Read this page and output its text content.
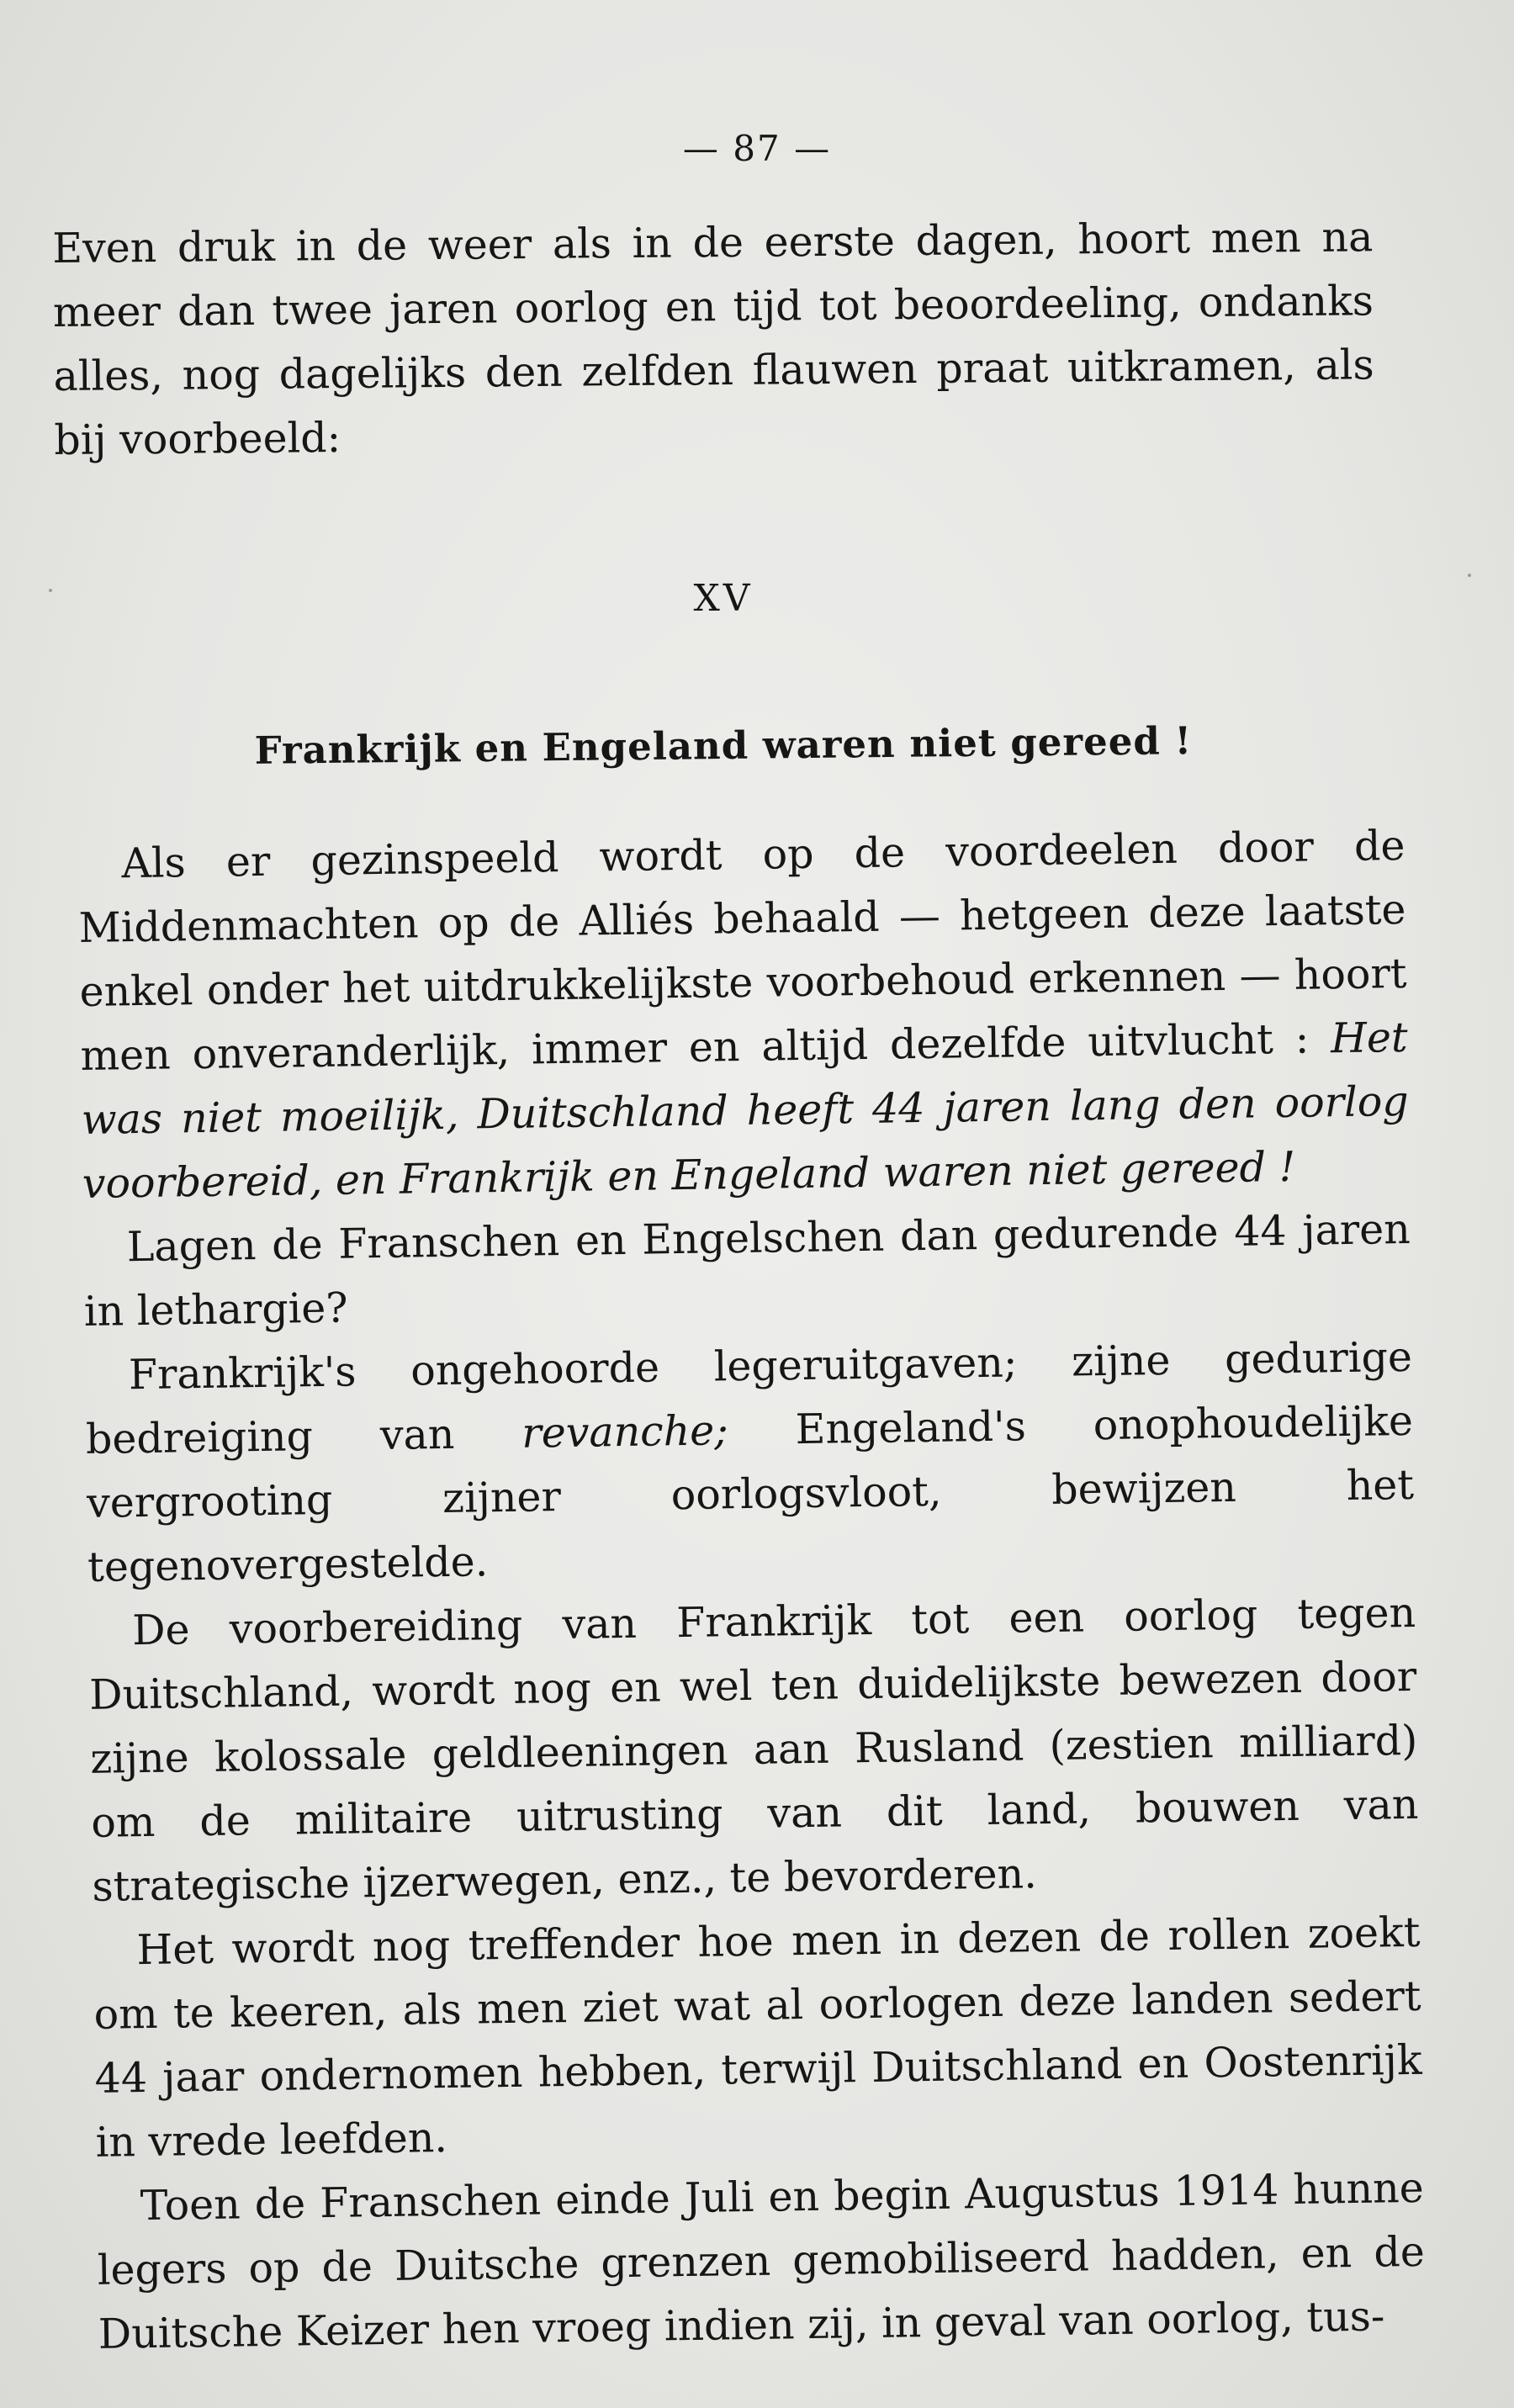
— 87 —
Even druk in de weer als in de eerste dagen, hoort men na meer dan twee jaren oorlog en tijd tot beoordeeling, ondanks alles, nog dagelijks den zelfden flauwen praat uitkramen, als bij voorbeeld:
XV
Frankrijk en Engeland waren niet gereed !

Als er gezinspeeld wordt op de voordeelen door de Middenmachten op de Alliés behaald — hetgeen deze laatste enkel onder het uitdrukkelijkste voorbehoud erkennen — hoort men onveranderlijk, immer en altijd dezelfde uitvlucht : Het was niet moeilijk, Duitschland heeft 44 jaren lang den oorlog voorbereid, en Frankrijk en Engeland waren niet gereed !

Lagen de Franschen en Engelschen dan gedurende 44 jaren in lethargie?

Frankrijk's ongehoorde legeruitgaven; zijne gedurige bedreiging van revanche; Engeland's onophoudelijke vergrooting zijner oorlogsvloot, bewijzen het tegenovergestelde.

De voorbereiding van Frankrijk tot een oorlog tegen Duitschland, wordt nog en wel ten duidelijkste bewezen door zijne kolossale geldleeningen aan Rusland (zestien milliard) om de militaire uitrusting van dit land, bouwen van strategische ijzerwegen, enz., te bevorderen.

Het wordt nog treffender hoe men in dezen de rollen zoekt om te keeren, als men ziet wat al oorlogen deze landen sedert 44 jaar ondernomen hebben, terwijl Duitschland en Oostenrijk in vrede leefden.

Toen de Franschen einde Juli en begin Augustus 1914 hunne legers op de Duitsche grenzen gemobiliseerd hadden, en de Duitsche Keizer hen vroeg indien zij, in geval van oorlog, tus-
